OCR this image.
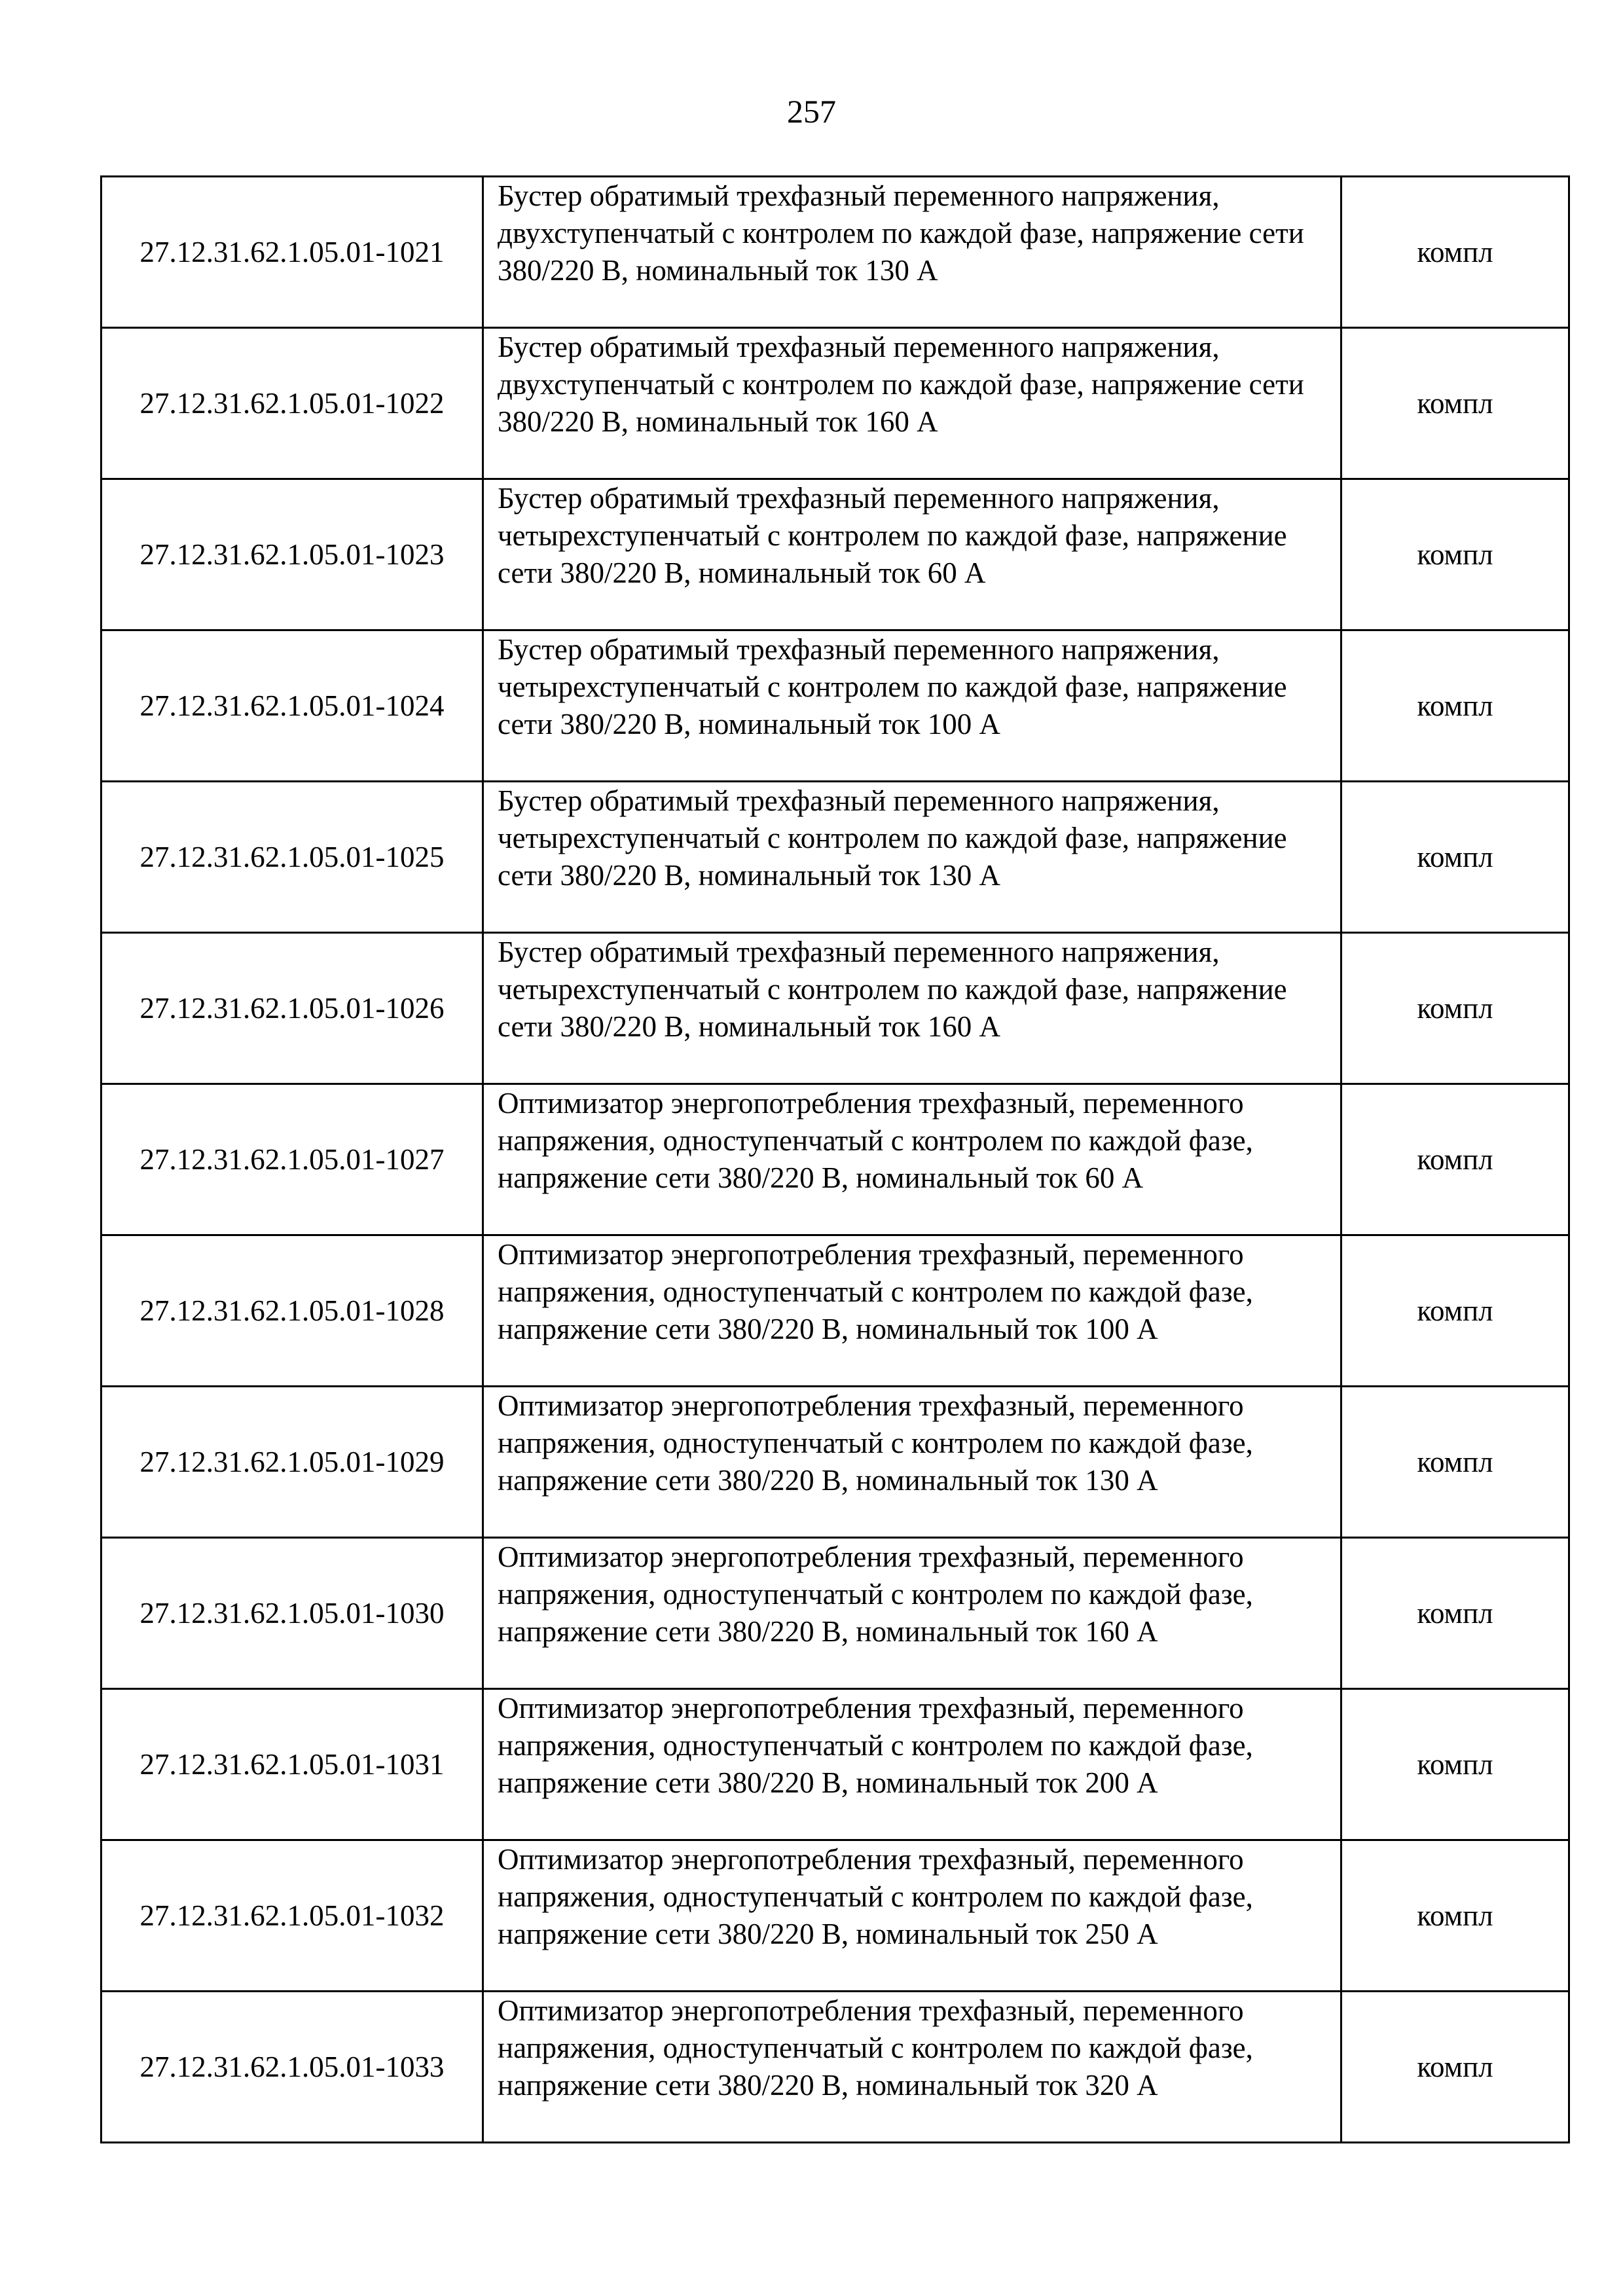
257
27.12.31.62.1.05.01-1021	Бустер обратимый трехфазный переменного напряжения, двухступенчатый с контролем по каждой фазе, напряжение сети 380/220 В, номинальный ток 130 А	компл
27.12.31.62.1.05.01-1022	Бустер обратимый трехфазный переменного напряжения, двухступенчатый с контролем по каждой фазе, напряжение сети 380/220 В, номинальный ток 160 А	компл
27.12.31.62.1.05.01-1023	Бустер обратимый трехфазный переменного напряжения, четырехступенчатый с контролем по каждой фазе, напряжение сети 380/220 В, номинальный ток 60 А	компл
27.12.31.62.1.05.01-1024	Бустер обратимый трехфазный переменного напряжения, четырехступенчатый с контролем по каждой фазе, напряжение сети 380/220 В, номинальный ток 100 А	компл
27.12.31.62.1.05.01-1025	Бустер обратимый трехфазный переменного напряжения, четырехступенчатый с контролем по каждой фазе, напряжение сети 380/220 В, номинальный ток 130 А	компл
27.12.31.62.1.05.01-1026	Бустер обратимый трехфазный переменного напряжения, четырехступенчатый с контролем по каждой фазе, напряжение сети 380/220 В, номинальный ток 160 А	компл
27.12.31.62.1.05.01-1027	Оптимизатор энергопотребления трехфазный, переменного напряжения, одноступенчатый с контролем по каждой фазе, напряжение сети 380/220 В, номинальный ток 60 А	компл
27.12.31.62.1.05.01-1028	Оптимизатор энергопотребления трехфазный, переменного напряжения, одноступенчатый с контролем по каждой фазе, напряжение сети 380/220 В, номинальный ток 100 А	компл
27.12.31.62.1.05.01-1029	Оптимизатор энергопотребления трехфазный, переменного напряжения, одноступенчатый с контролем по каждой фазе, напряжение сети 380/220 В, номинальный ток 130 А	компл
27.12.31.62.1.05.01-1030	Оптимизатор энергопотребления трехфазный, переменного напряжения, одноступенчатый с контролем по каждой фазе, напряжение сети 380/220 В, номинальный ток 160 А	компл
27.12.31.62.1.05.01-1031	Оптимизатор энергопотребления трехфазный, переменного напряжения, одноступенчатый с контролем по каждой фазе, напряжение сети 380/220 В, номинальный ток 200 А	компл
27.12.31.62.1.05.01-1032	Оптимизатор энергопотребления трехфазный, переменного напряжения, одноступенчатый с контролем по каждой фазе, напряжение сети 380/220 В, номинальный ток 250 А	компл
27.12.31.62.1.05.01-1033	Оптимизатор энергопотребления трехфазный, переменного напряжения, одноступенчатый с контролем по каждой фазе, напряжение сети 380/220 В, номинальный ток 320 А	компл
